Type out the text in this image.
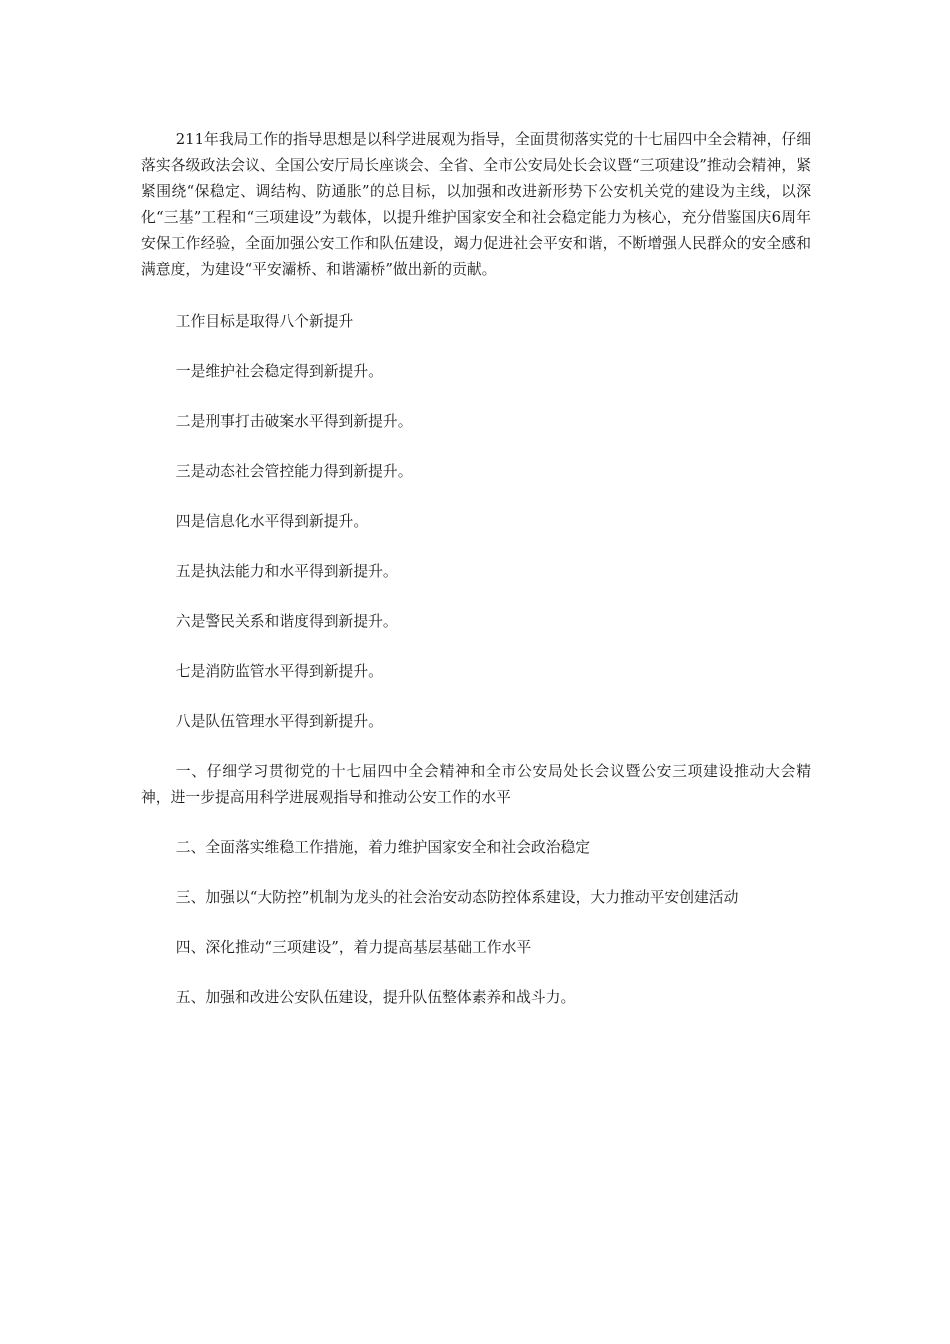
211年我局工作的指导思想是以科学进展观为指导，全面贯彻落实党的十七届四中全会精神，仔细落实各级政法会议、全国公安厅局长座谈会、全省、全市公安局处长会议暨“三项建设”推动会精神，紧紧围绕“保稳定、调结构、防通胀”的总目标，以加强和改进新形势下公安机关党的建设为主线，以深化“三基”工程和“三项建设”为载体，以提升维护国家安全和社会稳定能力为核心，充分借鉴国庆6周年安保工作经验，全面加强公安工作和队伍建设，竭力促进社会平安和谐，不断增强人民群众的安全感和满意度，为建设“平安灞桥、和谐灞桥”做出新的贡献。

工作目标是取得八个新提升

一是维护社会稳定得到新提升。

二是刑事打击破案水平得到新提升。

三是动态社会管控能力得到新提升。

四是信息化水平得到新提升。

五是执法能力和水平得到新提升。

六是警民关系和谐度得到新提升。

七是消防监管水平得到新提升。

八是队伍管理水平得到新提升。

一、仔细学习贯彻党的十七届四中全会精神和全市公安局处长会议暨公安三项建设推动大会精神，进一步提高用科学进展观指导和推动公安工作的水平

二、全面落实维稳工作措施，着力维护国家安全和社会政治稳定

三、加强以“大防控”机制为龙头的社会治安动态防控体系建设，大力推动平安创建活动

四、深化推动“三项建设”，着力提高基层基础工作水平

五、加强和改进公安队伍建设，提升队伍整体素养和战斗力。
